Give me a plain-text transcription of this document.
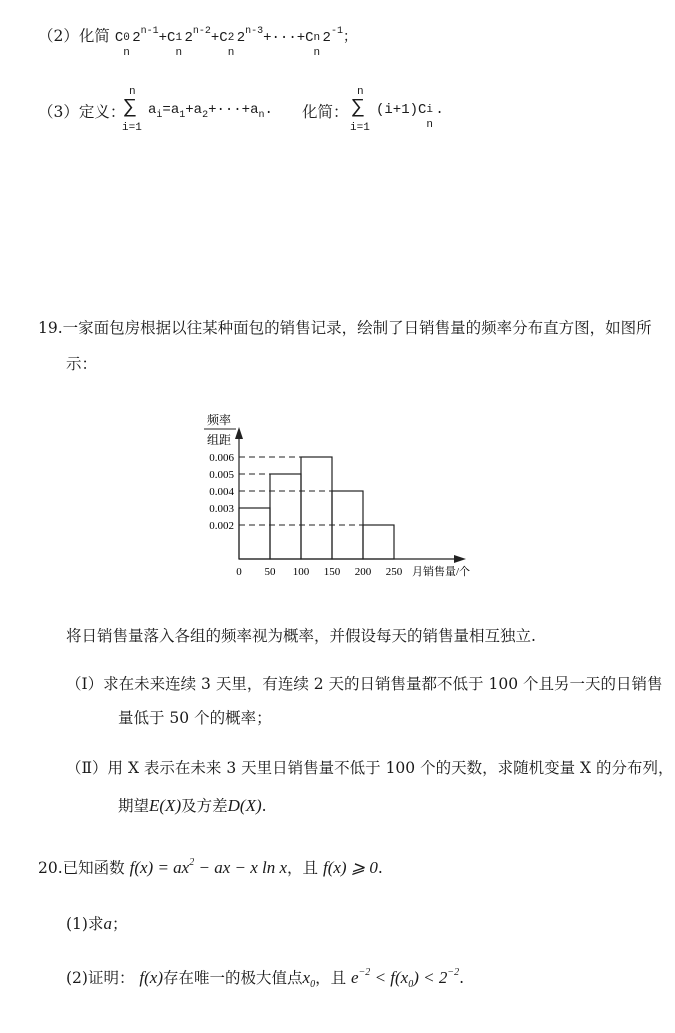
（2）化简 C 0
n
$2^{n-1}+C$ 1
n
$2^{n-2}+C$ 2
n
$2^{n-3}+\cdot\cdot\cdot+C$ n
n
$2^{-1}$；
（3）定义：
n
∑
i=1
$a_i=a_1+a_2+\cdot\cdot\cdot+a_n$. 化简：
n
∑
i=1
(i+1)C i
n
.
19.一家面包房根据以往某种面包的销售记录，绘制了日销售量的频率分布直方图，如图所
示：
频率
组距
0.002
0.003
0.004
0.005
0.006
0 50 100 150 200 250 月销售量/个
将日销售量落入各组的频率视为概率，并假设每天的销售量相互独立.
（Ⅰ）求在未来连续 3 天里，有连续 2 天的日销售量都不低于 100 个且另一天的日销售
量低于 50 个的概率；
（Ⅱ）用 X 表示在未来 3 天里日销售量不低于 100 个的天数，求随机变量 X 的分布列，
期望E(X)及方差D(X).
20.已知函数 $f(x) = ax^2$ − ax − x ln x，且 f(x) ⩾ 0.
(1)求a；
(2)证明： f(x)存在唯一的极大值点$x_0$，且 $e^{-2} < f(x_0) < 2^{-2}$.
